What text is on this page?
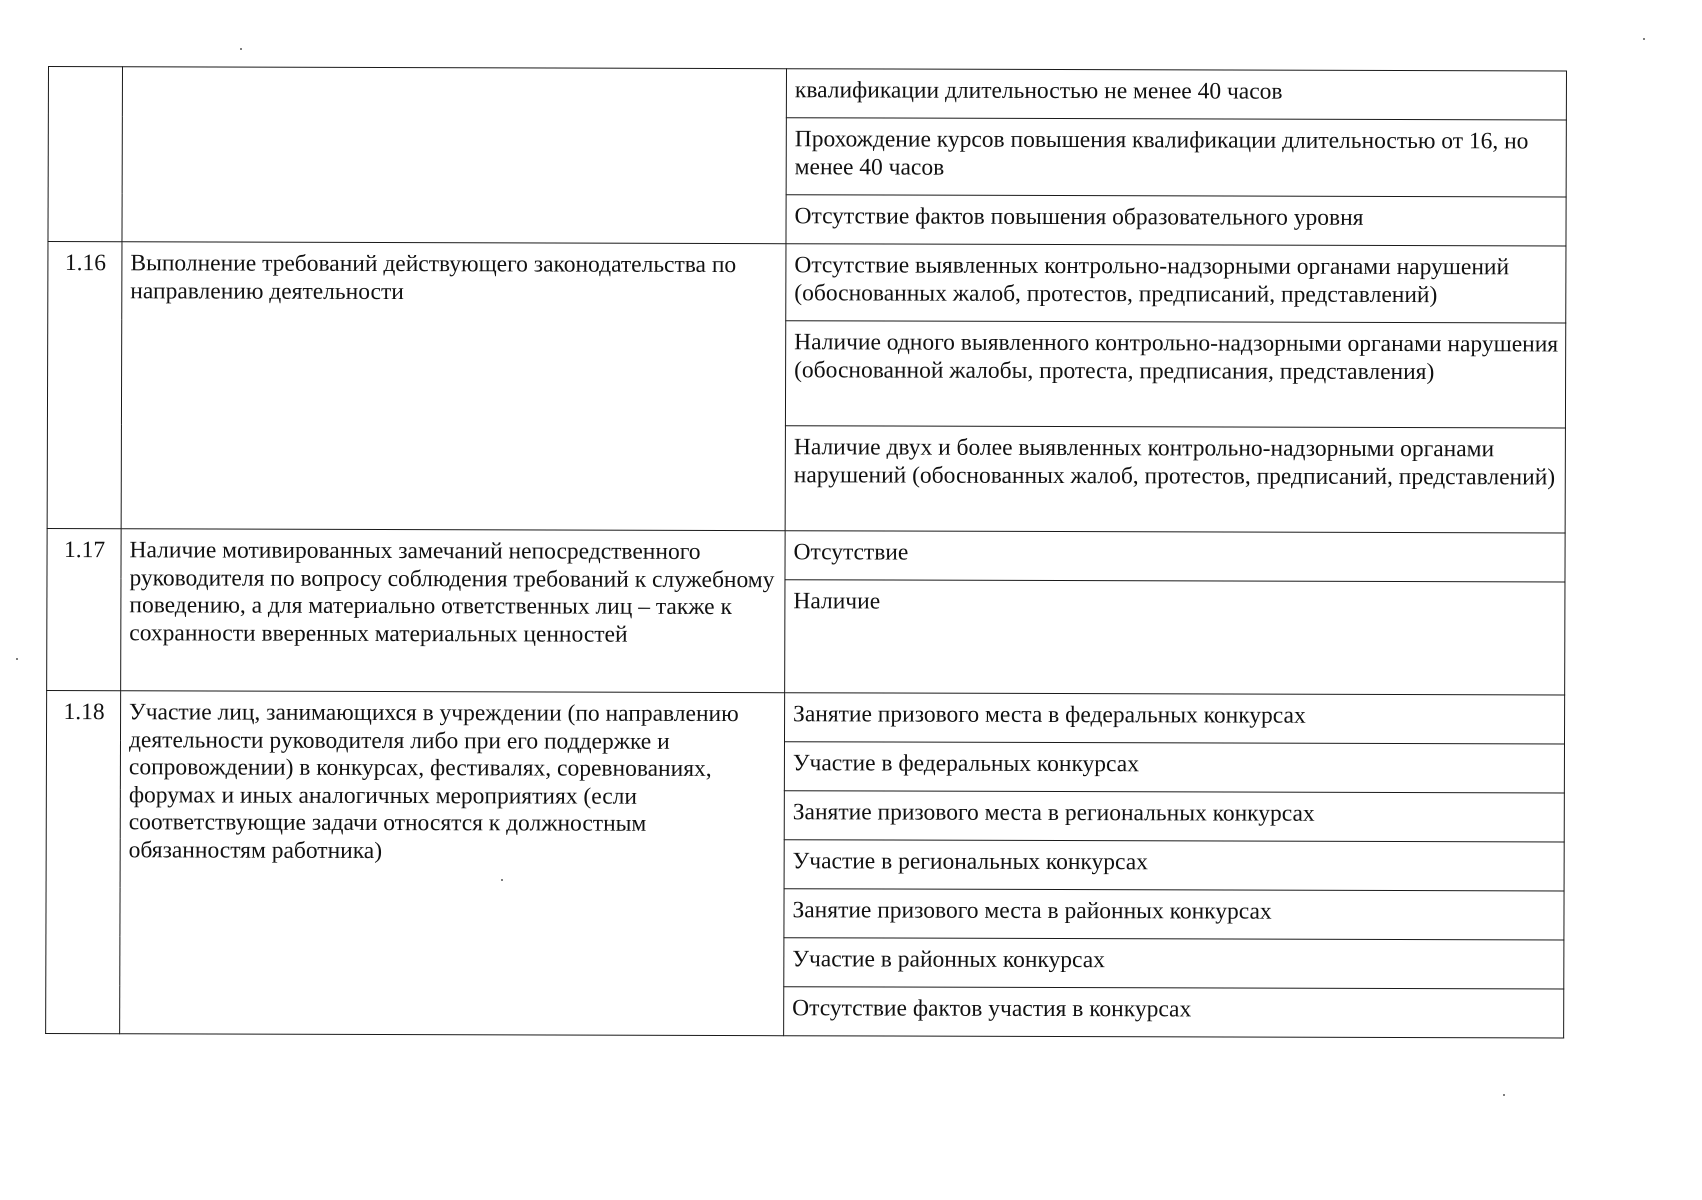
		квалификации длительностью не менее 40 часов
		Прохождение курсов повышения квалификации длительностью от 16, но менее 40 часов
		Отсутствие фактов повышения образовательного уровня
1.16	Выполнение требований действующего законодательства по направлению деятельности	Отсутствие выявленных контрольно-надзорными органами нарушений (обоснованных жалоб, протестов, предписаний, представлений)
		Наличие одного выявленного контрольно-надзорными органами нарушения (обоснованной жалобы, протеста, предписания, представления)
		Наличие двух и более выявленных контрольно-надзорными органами нарушений (обоснованных жалоб, протестов, предписаний, представлений)
1.17	Наличие мотивированных замечаний непосредственного руководителя по вопросу соблюдения требований к служебному поведению, а для материально ответственных лиц – также к сохранности вверенных материальных ценностей	Отсутствие
		Наличие
1.18	Участие лиц, занимающихся в учреждении (по направлению деятельности руководителя либо при его поддержке и сопровождении) в конкурсах, фестивалях, соревнованиях, форумах и иных аналогичных мероприятиях (если соответствующие задачи относятся к должностным обязанностям работника)	Занятие призового места в федеральных конкурсах
		Участие в федеральных конкурсах
		Занятие призового места в региональных конкурсах
		Участие в региональных конкурсах
		Занятие призового места в районных конкурсах
		Участие в районных конкурсах
		Отсутствие фактов участия в конкурсах
